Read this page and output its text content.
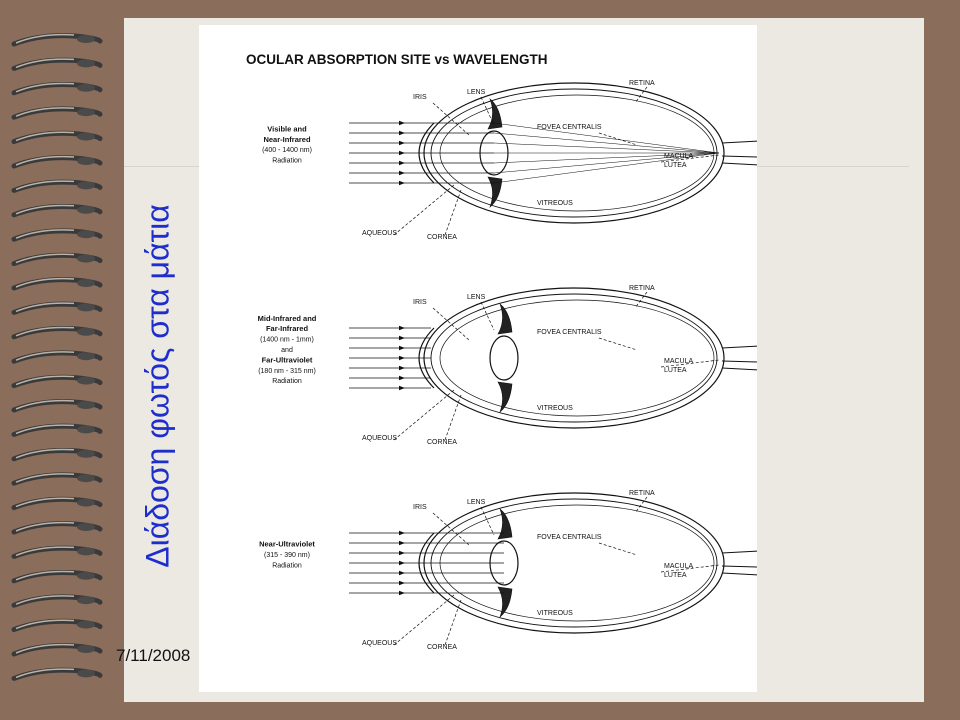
Διάδοση φωτός στα μάτια
7/11/2008
OCULAR ABSORPTION SITE vs WAVELENGTH
IRIS
LENS
RETINA
FOVEA CENTRALIS
MACULA
LUTEA
VITREOUS
AQUEOUS
CORNEA
Visible and
Near-Infrared
(400 - 1400 nm)
Radiation
IRIS
LENS
RETINA
FOVEA CENTRALIS
MACULA
LUTEA
VITREOUS
AQUEOUS
CORNEA
Mid-Infrared and
Far-Infrared
(1400 nm - 1mm)
and
Far-Ultraviolet
(180 nm - 315 nm)
Radiation
IRIS
LENS
RETINA
FOVEA CENTRALIS
MACULA
LUTEA
VITREOUS
AQUEOUS
CORNEA
Near-Ultraviolet
(315 - 390 nm)
Radiation
